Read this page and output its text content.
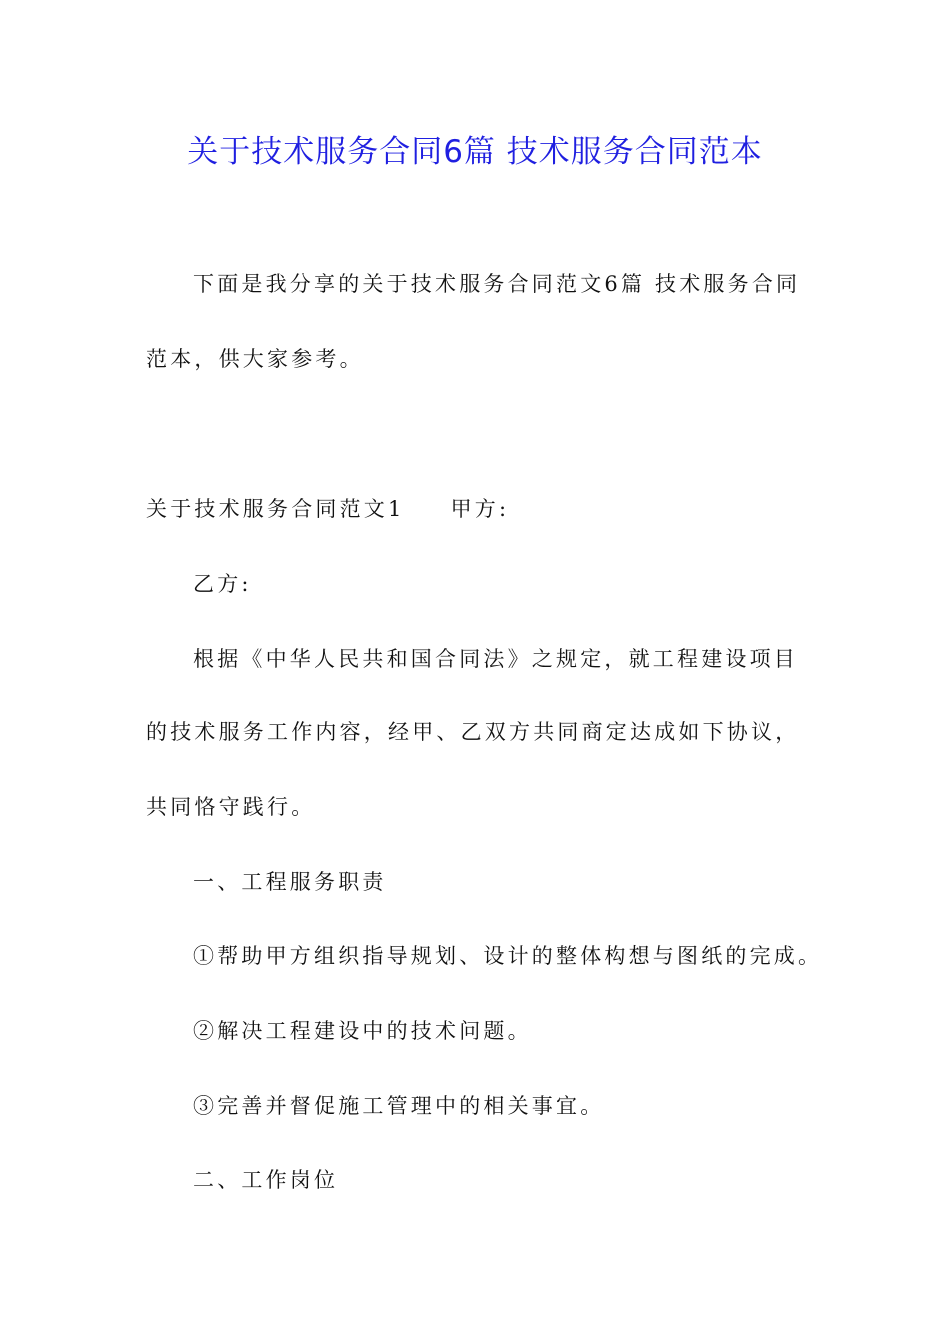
关于技术服务合同6篇 技术服务合同范本
下面是我分享的关于技术服务合同范文6篇 技术服务合同
范本，供大家参考。
关于技术服务合同范文1 甲方:
乙方:
根据《中华人民共和国合同法》之规定，就工程建设项目
的技术服务工作内容，经甲、乙双方共同商定达成如下协议，
共同恪守践行。
一、工程服务职责
①帮助甲方组织指导规划、设计的整体构想与图纸的完成。
②解决工程建设中的技术问题。
③完善并督促施工管理中的相关事宜。
二、工作岗位
